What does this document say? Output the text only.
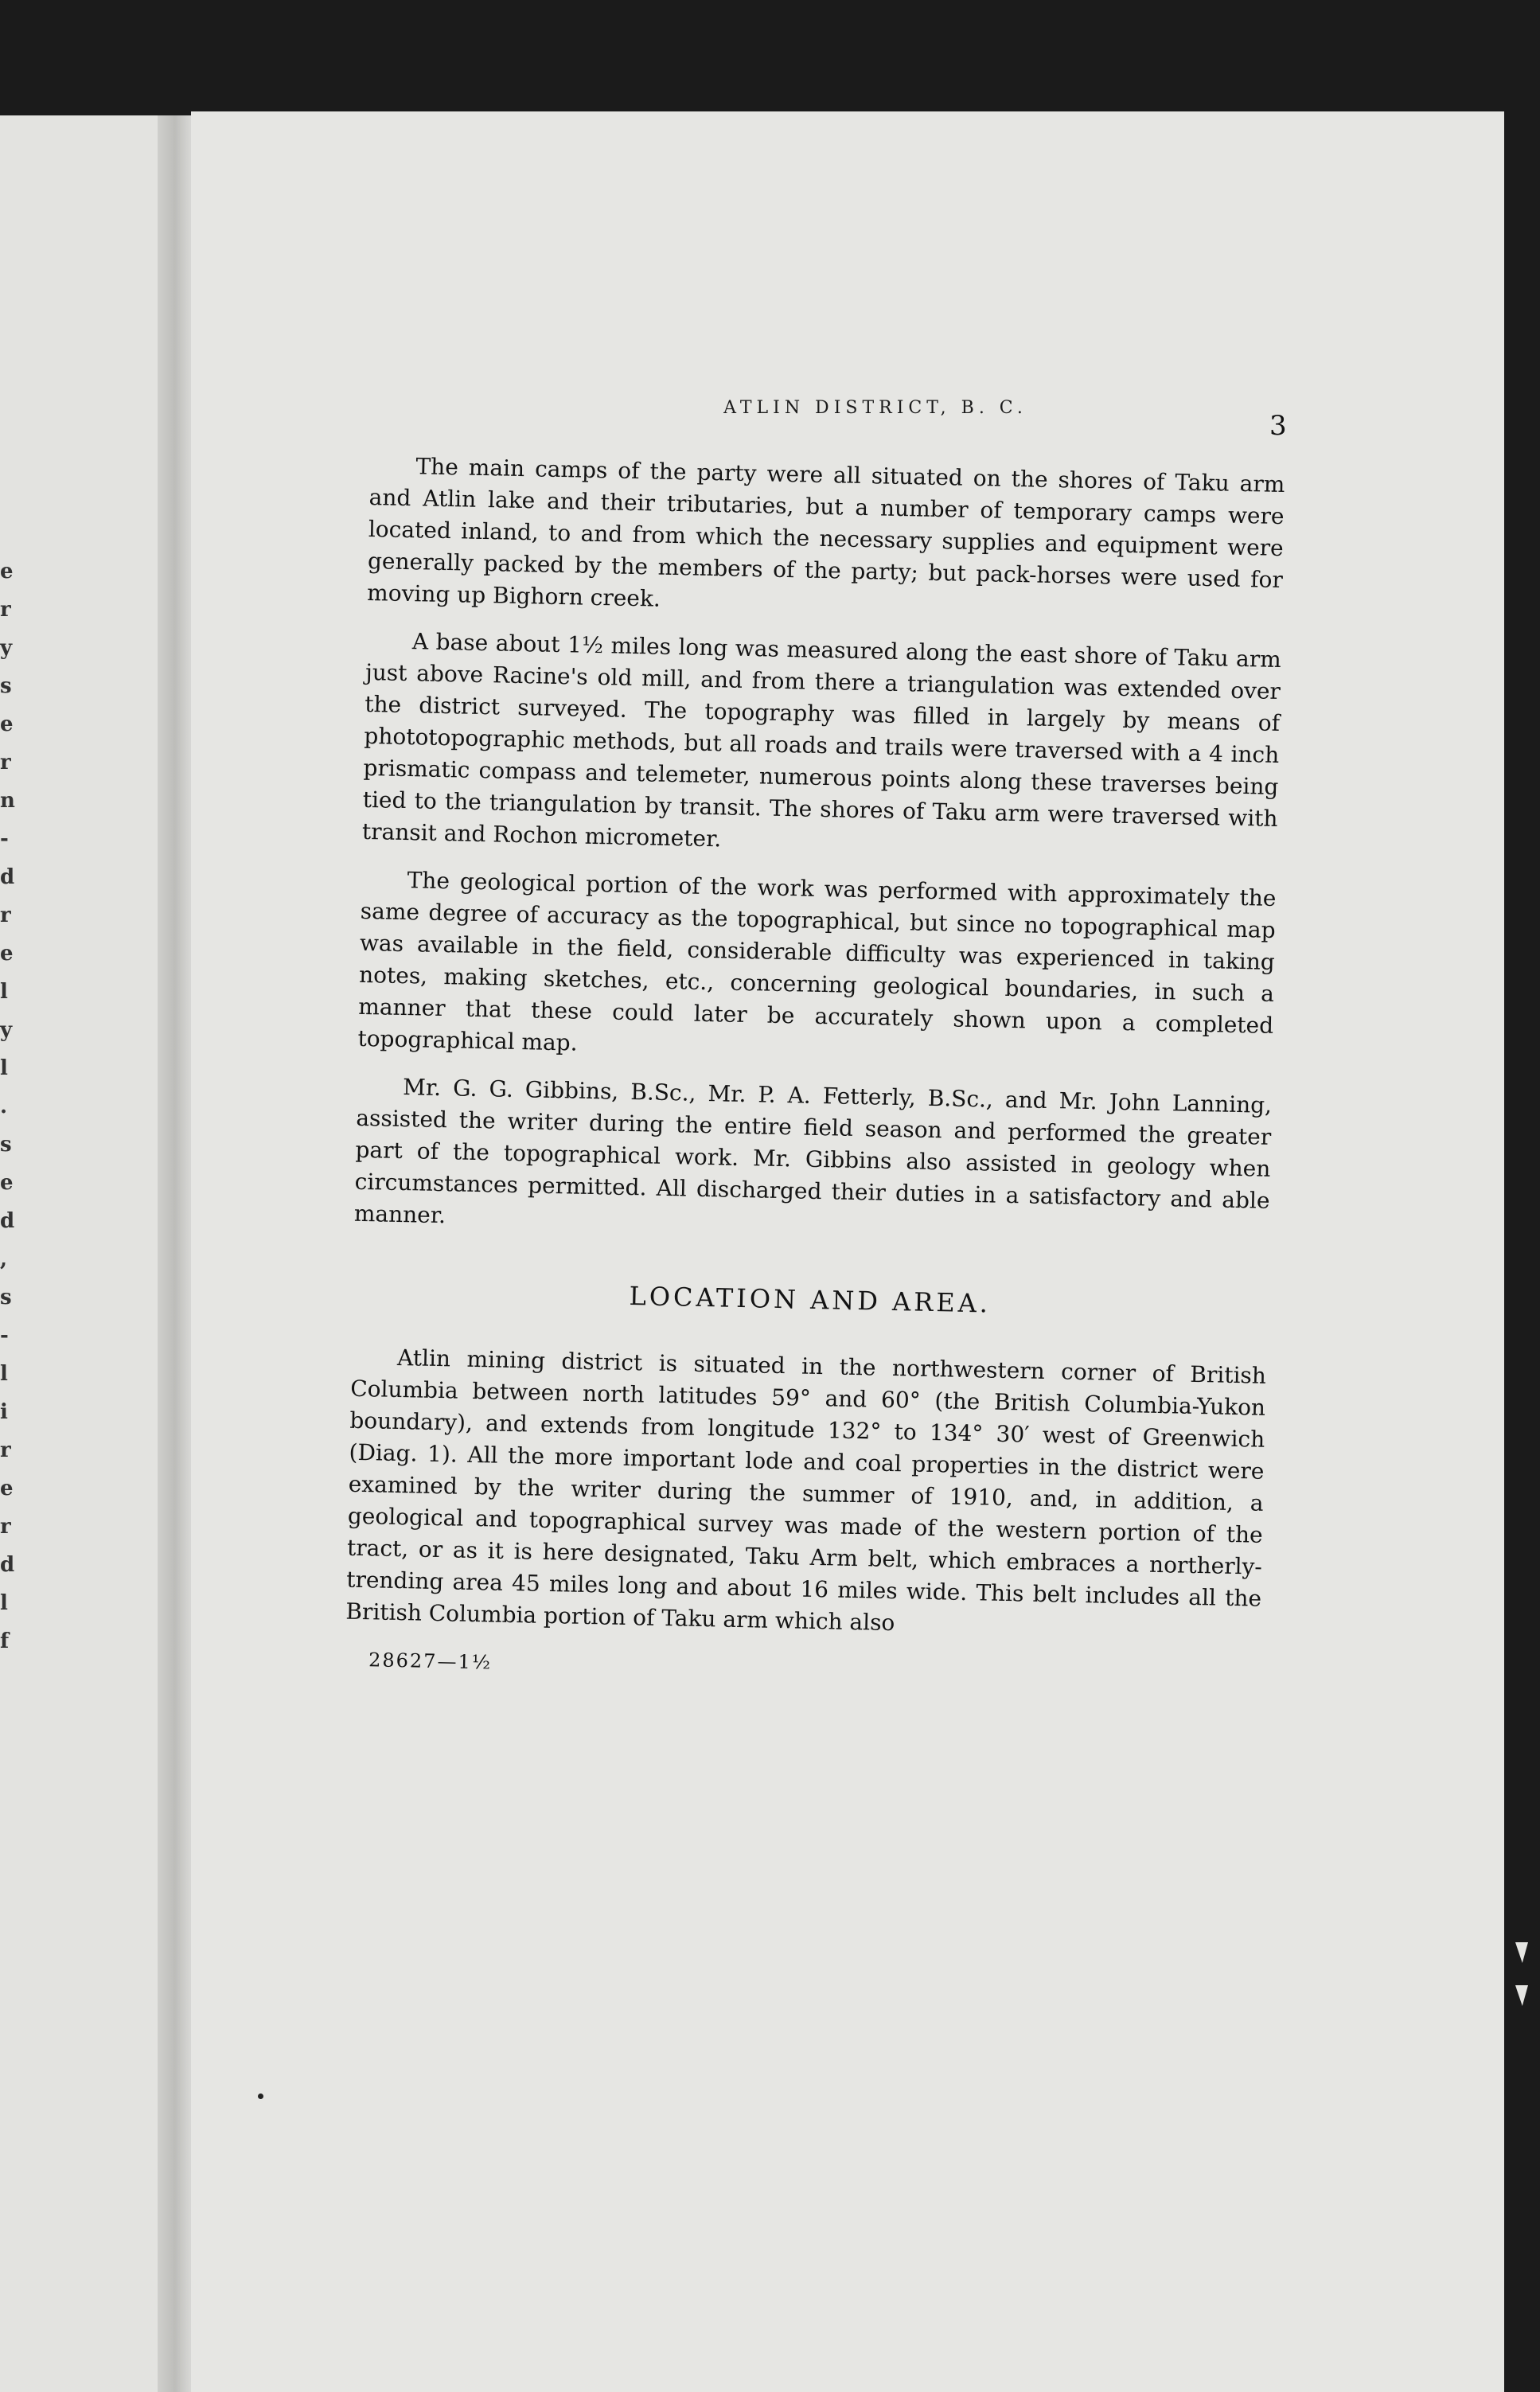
e
r
y
s
e
r
n
-
d
r
e
l
y
l
.
s
e
d
,
s
-
l
i
r
e
r
d
l
f
ATLIN DISTRICT, B. C.
3

The main camps of the party were all situated on the shores of Taku arm and Atlin lake and their tributaries, but a number of temporary camps were located inland, to and from which the necessary supplies and equipment were generally packed by the members of the party; but pack-horses were used for moving up Bighorn creek.

A base about 1½ miles long was measured along the east shore of Taku arm just above Racine's old mill, and from there a triangulation was extended over the district surveyed. The topography was filled in largely by means of phototopographic methods, but all roads and trails were traversed with a 4 inch prismatic compass and telemeter, numerous points along these traverses being tied to the triangulation by transit. The shores of Taku arm were traversed with transit and Rochon micrometer.

The geological portion of the work was performed with approximately the same degree of accuracy as the topographical, but since no topographical map was available in the field, considerable difficulty was experienced in taking notes, making sketches, etc., concerning geological boundaries, in such a manner that these could later be accurately shown upon a completed topographical map.

Mr. G. G. Gibbins, B.Sc., Mr. P. A. Fetterly, B.Sc., and Mr. John Lanning, assisted the writer during the entire field season and performed the greater part of the topographical work. Mr. Gibbins also assisted in geology when circumstances permitted. All discharged their duties in a satisfactory and able manner.

LOCATION AND AREA.

Atlin mining district is situated in the northwestern corner of British Columbia between north latitudes 59° and 60° (the British Columbia-Yukon boundary), and extends from longitude 132° to 134° 30′ west of Greenwich (Diag. 1). All the more important lode and coal properties in the district were examined by the writer during the summer of 1910, and, in addition, a geological and topographical survey was made of the western portion of the tract, or as it is here designated, Taku Arm belt, which embraces a northerly-trending area 45 miles long and about 16 miles wide. This belt includes all the British Columbia portion of Taku arm which also

28627—1½
